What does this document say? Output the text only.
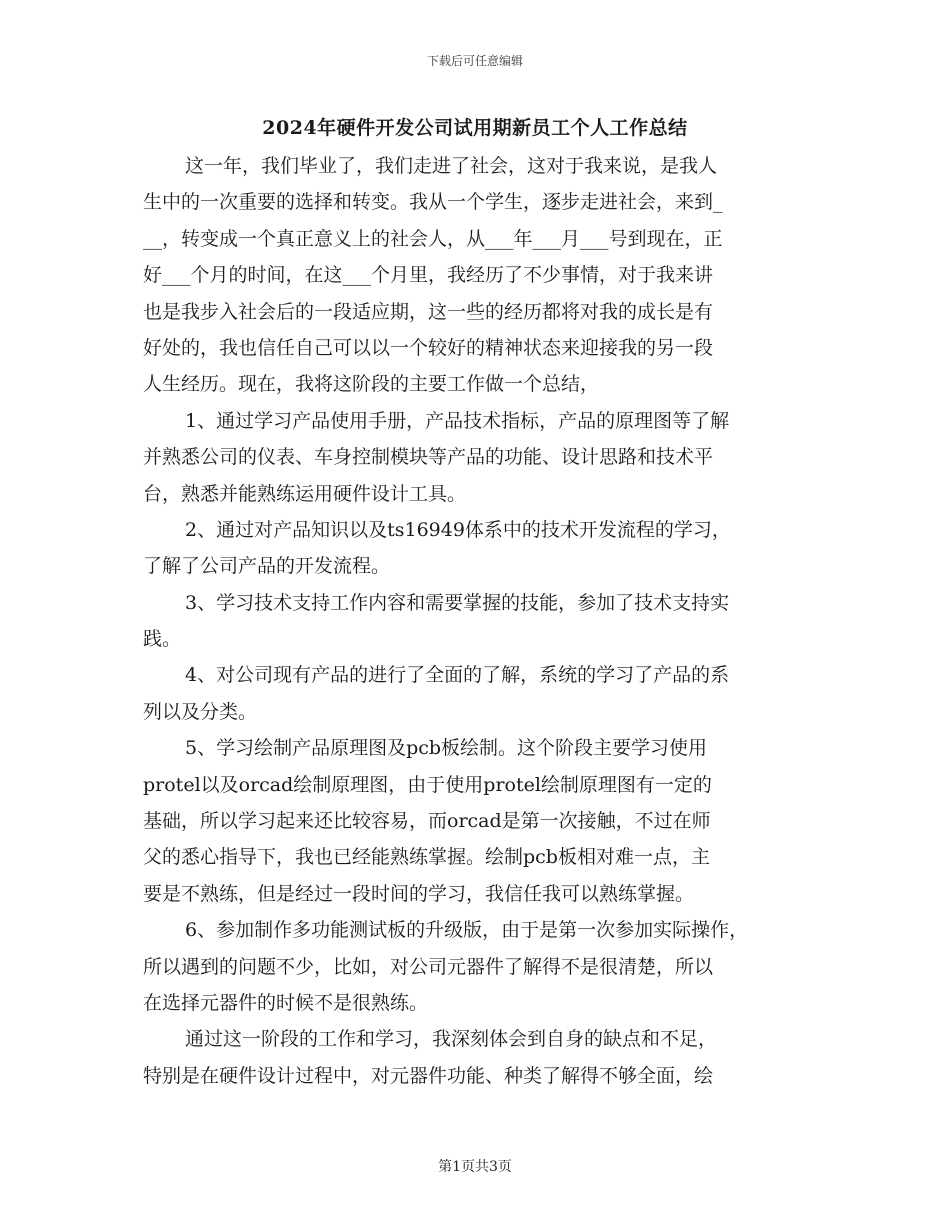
下载后可任意编辑
2024年硬件开发公司试用期新员工个人工作总结
这一年，我们毕业了，我们走进了社会，这对于我来说，是我人
生中的一次重要的选择和转变。我从一个学生，逐步走进社会，来到_
__，转变成一个真正意义上的社会人，从___年___月___号到现在，正
好___个月的时间，在这___个月里，我经历了不少事情，对于我来讲
也是我步入社会后的一段适应期，这一些的经历都将对我的成长是有
好处的，我也信任自己可以以一个较好的精神状态来迎接我的另一段
人生经历。现在，我将这阶段的主要工作做一个总结，
1、通过学习产品使用手册，产品技术指标，产品的原理图等了解
并熟悉公司的仪表、车身控制模块等产品的功能、设计思路和技术平
台，熟悉并能熟练运用硬件设计工具。
2、通过对产品知识以及ts16949体系中的技术开发流程的学习，
了解了公司产品的开发流程。
3、学习技术支持工作内容和需要掌握的技能，参加了技术支持实
践。
4、对公司现有产品的进行了全面的了解，系统的学习了产品的系
列以及分类。
5、学习绘制产品原理图及pcb板绘制。这个阶段主要学习使用
protel以及orcad绘制原理图，由于使用protel绘制原理图有一定的
基础，所以学习起来还比较容易，而orcad是第一次接触，不过在师
父的悉心指导下，我也已经能熟练掌握。绘制pcb板相对难一点，主
要是不熟练，但是经过一段时间的学习，我信任我可以熟练掌握。
6、参加制作多功能测试板的升级版，由于是第一次参加实际操作，
所以遇到的问题不少，比如，对公司元器件了解得不是很清楚，所以
在选择元器件的时候不是很熟练。
通过这一阶段的工作和学习，我深刻体会到自身的缺点和不足，
特别是在硬件设计过程中，对元器件功能、种类了解得不够全面，绘
第1页共3页
